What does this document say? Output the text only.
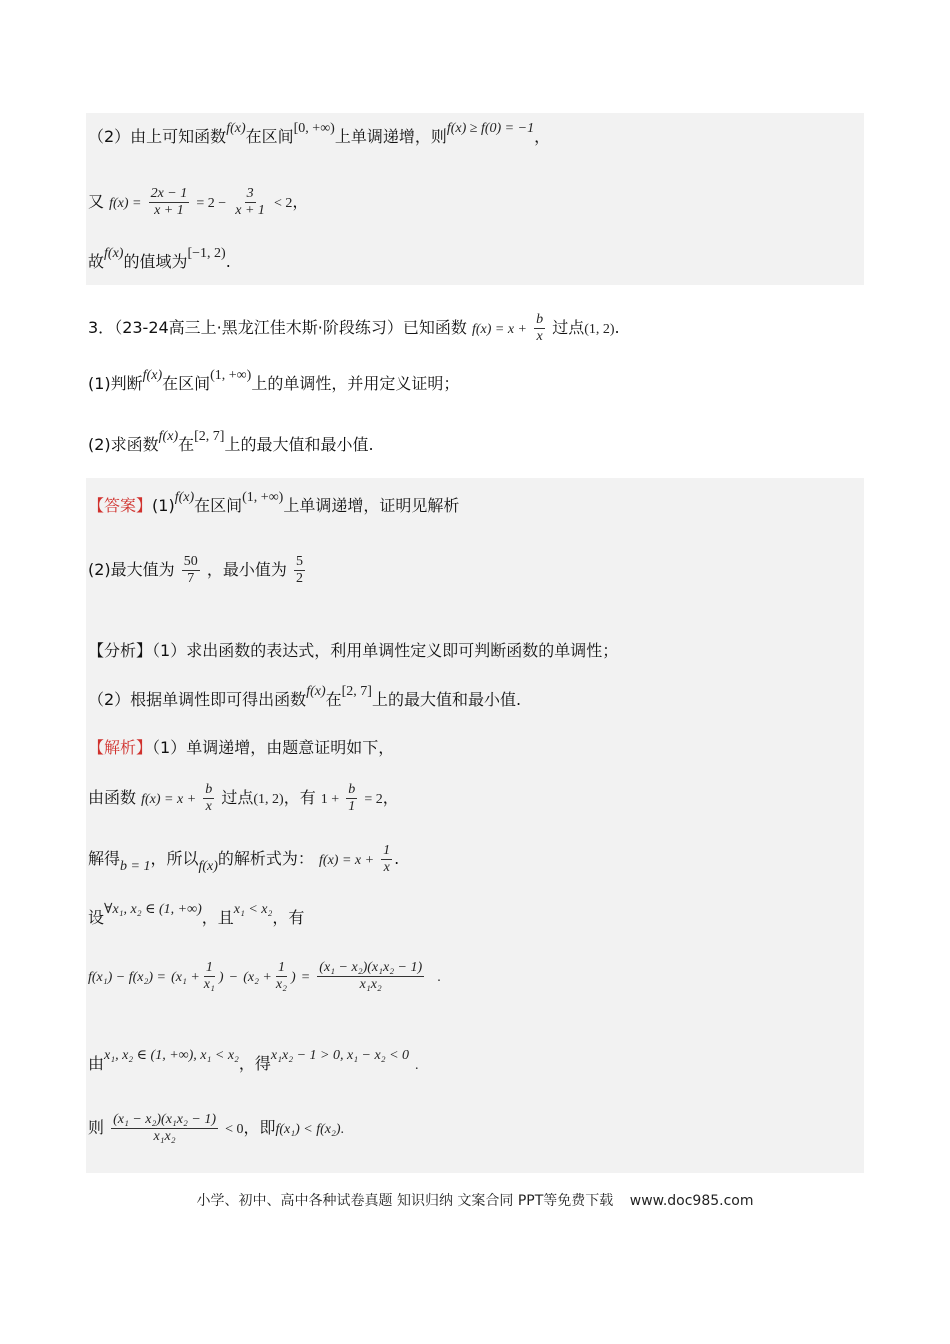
（2）由上可知函数f(x)在区间[0, +∞)上单调递增，则f(x) ≥ f(0) = −1，
又 $f(x) = \frac{2x - 1}{x + 1} = 2 - \frac{3}{x + 1} < 2$，
故f(x)的值域为[−1, 2).
3．（23-24高三上·黑龙江佳木斯·阶段练习）已知函数 $f(x) = x + \frac{b}{x}$ 过点(1, 2).
(1)判断f(x)在区间(1, +∞)上的单调性，并用定义证明；
(2)求函数f(x)在[2, 7]上的最大值和最小值.
【答案】(1)f(x)在区间(1, +∞)上单调递增，证明见解析
(2)最大值为 $\frac{50}{7}$ ，最小值为 $\frac{5}{2}$
【分析】（1）求出函数的表达式，利用单调性定义即可判断函数的单调性；
（2）根据单调性即可得出函数f(x)在[2, 7]上的最大值和最小值.
【解析】（1）单调递增，由题意证明如下，
由函数 $f(x) = x + \frac{b}{x}$ 过点(1, 2)，有 $1 + \frac{b}{1} = 2$，
解得b = 1，所以f(x)的解析式为： $f(x) = x + \frac{1}{x}$ .
设∀x₁, x₂ ∈ (1, +∞)，且x₁ < x₂，有
$f(x_1) - f(x_2) = (x_1 + \frac{1}{\text{x₁}}$ ) − ($x_2 + \frac{1}{\text{x₂}}$ ) = $\frac{\text{(x₁ − x₂)(x₁x₂ − 1)}}{\text{x₁x₂}}$ .
由x₁, x₂ ∈ (1, +∞), x₁ < x₂，得x₁x₂ − 1 > 0, x₁ − x₂ < 0.
则 $\frac{\text{(x₁ − x₂)(x₁x₂ − 1)}}{\text{x₁x₂}} < 0$，即f(x₁) < f(x₂).
小学、初中、高中各种试卷真题 知识归纳 文案合同 PPT等免费下载 www.doc985.com
